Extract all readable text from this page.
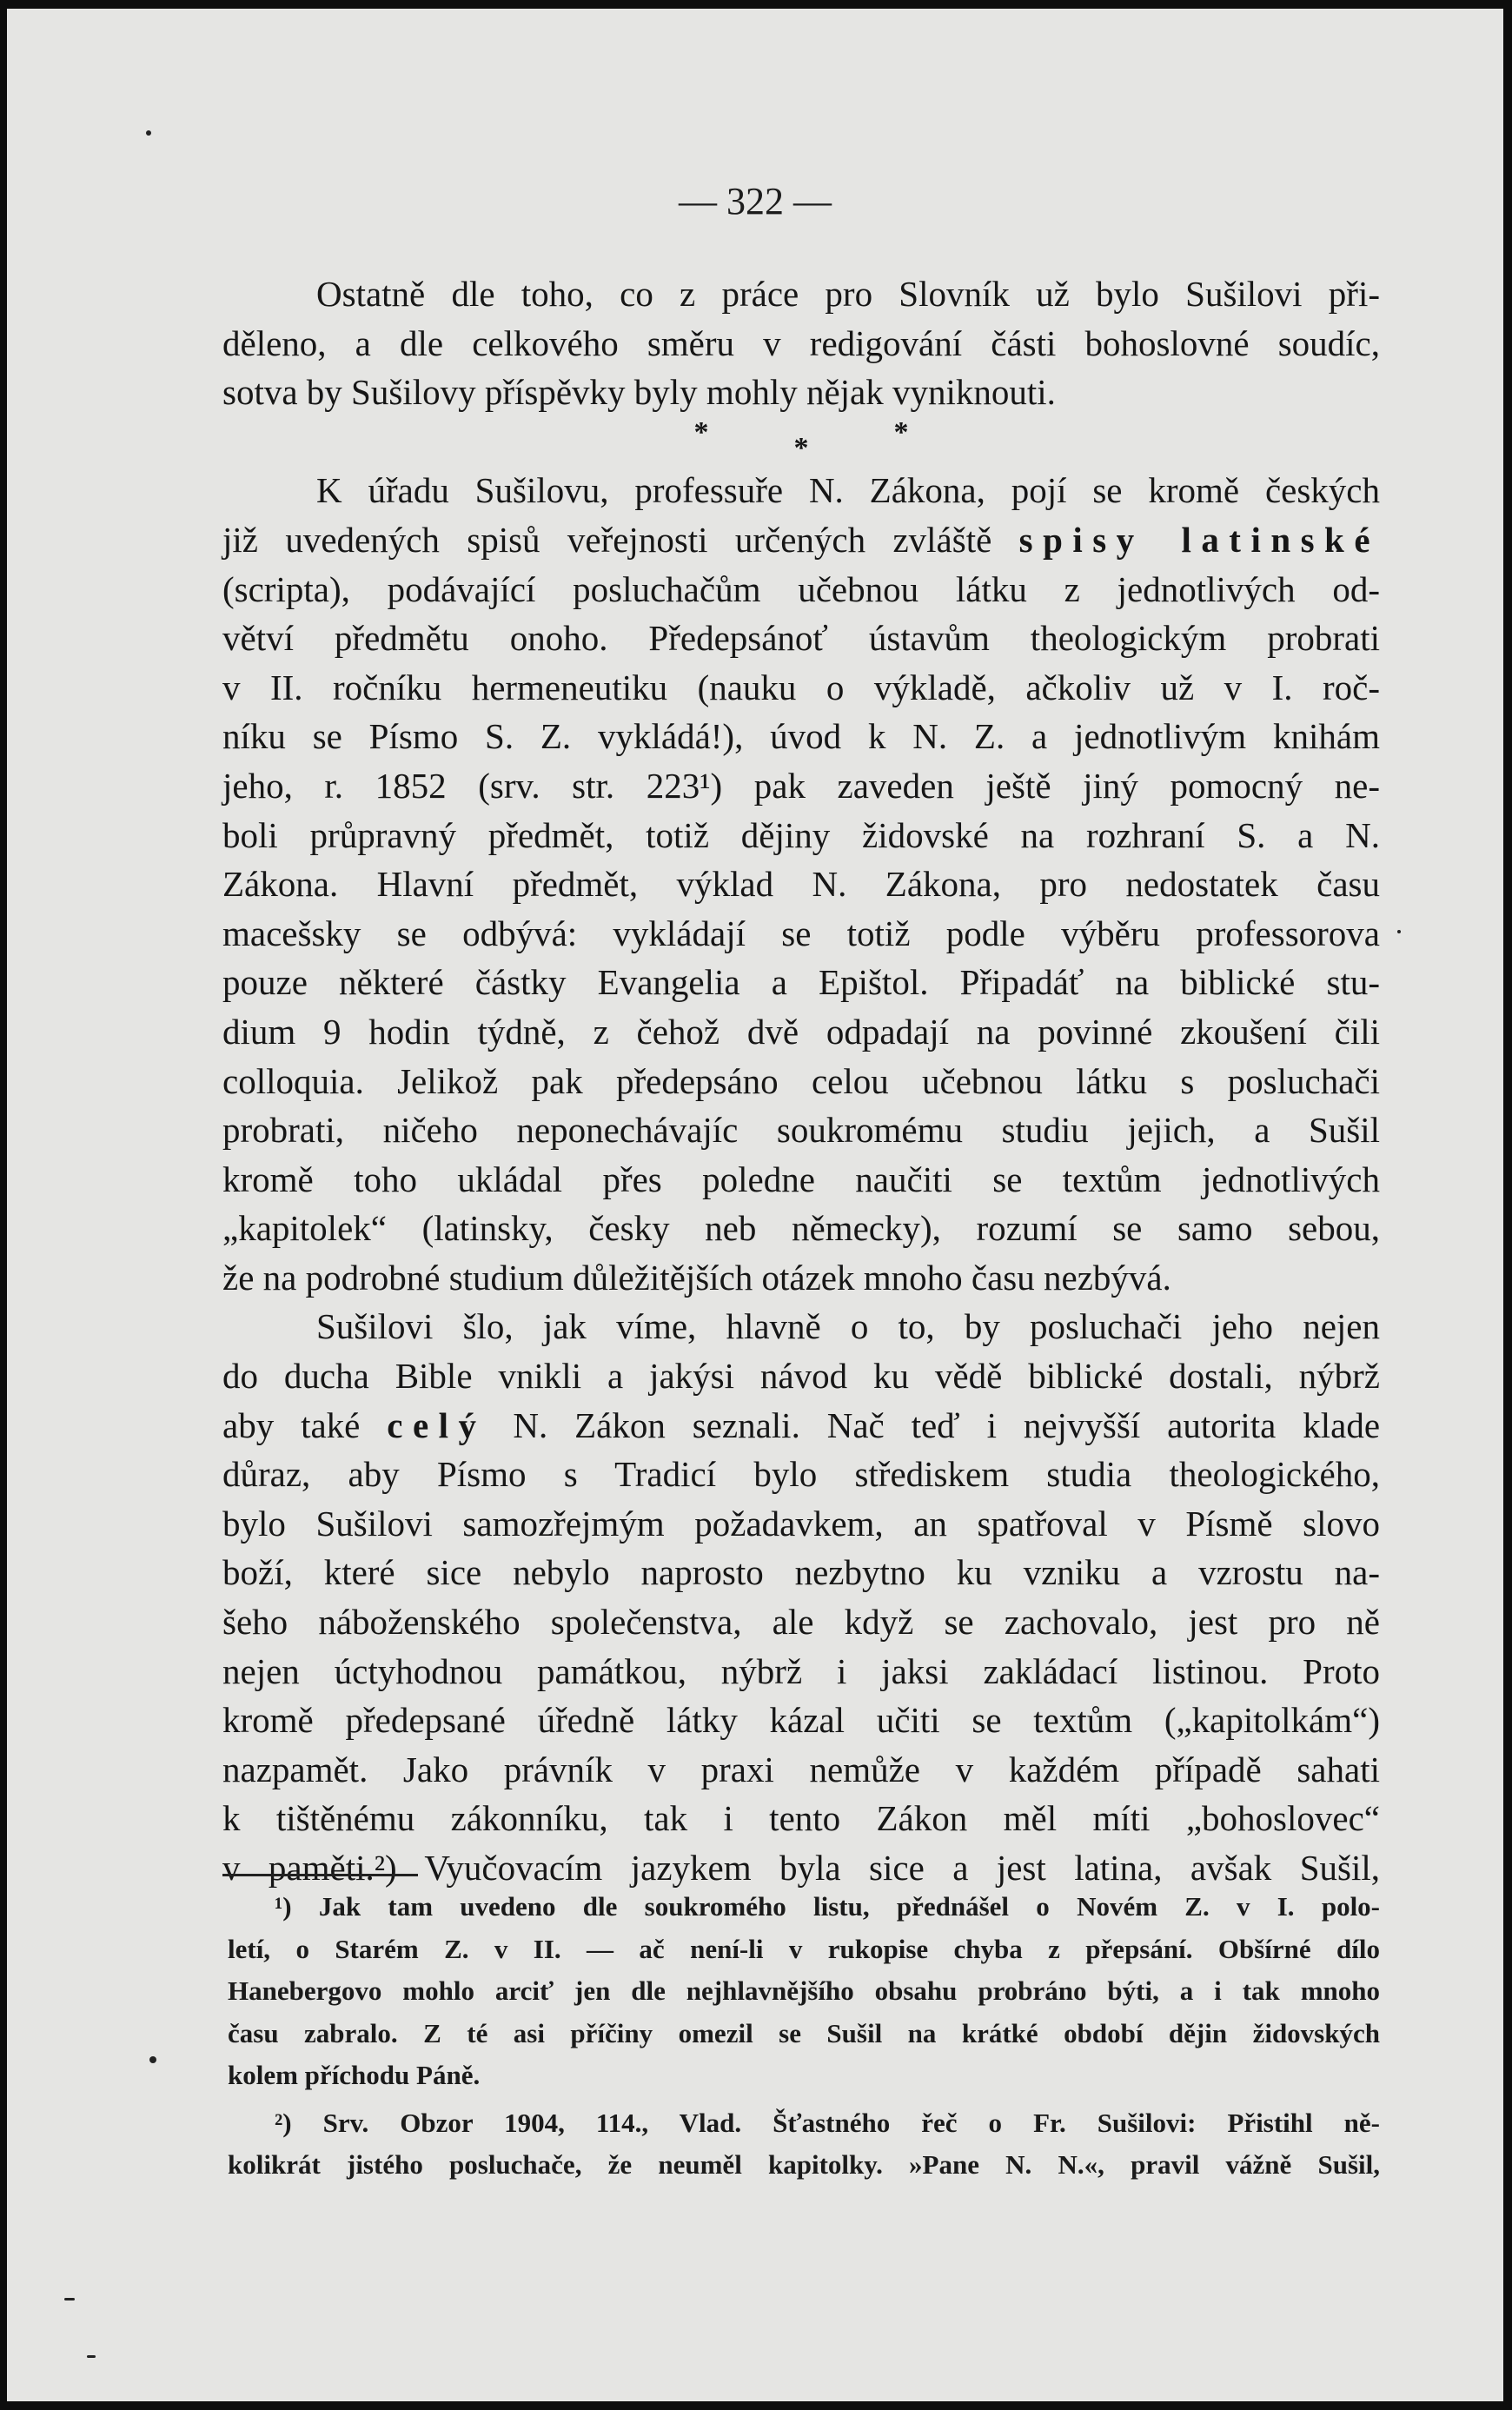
— 322 —
Ostatně dle toho, co z práce pro Slovník už bylo Sušilovi při-
děleno, a dle celkového směru v redigování části bohoslovné soudíc,
sotva by Sušilovy příspěvky byly mohly nějak vyniknouti.
*	*	*
K úřadu Sušilovu, professuře N. Zákona, pojí se kromě českých
již uvedených spisů veřejnosti určených zvláště spisy latinské
(scripta), podávající posluchačům učebnou látku z jednotlivých od-
větví předmětu onoho. Předepsánoť ústavům theologickým probrati
v II. ročníku hermeneutiku (nauku o výkladě, ačkoliv už v I. roč-
níku se Písmo S. Z. vykládá!), úvod k N. Z. a jednotlivým knihám
jeho, r. 1852 (srv. str. 223¹) pak zaveden ještě jiný pomocný ne-
boli průpravný předmět, totiž dějiny židovské na rozhraní S. a N.
Zákona. Hlavní předmět, výklad N. Zákona, pro nedostatek času
macešsky se odbývá: vykládají se totiž podle výběru professorova
pouze některé částky Evangelia a Epištol. Připadáť na biblické stu-
dium 9 hodin týdně, z čehož dvě odpadají na povinné zkoušení čili
colloquia. Jelikož pak předepsáno celou učebnou látku s posluchači
probrati, ničeho neponechávajíc soukromému studiu jejich, a Sušil
kromě toho ukládal přes poledne naučiti se textům jednotlivých
„kapitolek“ (latinsky, česky neb německy), rozumí se samo sebou,
že na podrobné studium důležitějších otázek mnoho času nezbývá.
Sušilovi šlo, jak víme, hlavně o to, by posluchači jeho nejen
do ducha Bible vnikli a jakýsi návod ku vědě biblické dostali, nýbrž
aby také celý N. Zákon seznali. Nač teď i nejvyšší autorita klade
důraz, aby Písmo s Tradicí bylo střediskem studia theologického,
bylo Sušilovi samozřejmým požadavkem, an spatřoval v Písmě slovo
boží, které sice nebylo naprosto nezbytno ku vzniku a vzrostu na-
šeho náboženského společenstva, ale když se zachovalo, jest pro ně
nejen úctyhodnou památkou, nýbrž i jaksi zakládací listinou. Proto
kromě předepsané úředně látky kázal učiti se textům („kapitolkám“)
nazpamět. Jako právník v praxi nemůže v každém případě sahati
k tištěnému zákonníku, tak i tento Zákon měl míti „bohoslovec“
v paměti.²) Vyučovacím jazykem byla sice a jest latina, avšak Sušil,
¹) Jak tam uvedeno dle soukromého listu, přednášel o Novém Z. v I. polo-
letí, o Starém Z. v II. — ač není-li v rukopise chyba z přepsání. Obšírné dílo
Hanebergovo mohlo arciť jen dle nejhlavnějšího obsahu probráno býti, a i tak mnoho
času zabralo. Z té asi příčiny omezil se Sušil na krátké období dějin židovských
kolem příchodu Páně.
²) Srv. Obzor 1904, 114., Vlad. Šťastného řeč o Fr. Sušilovi: Přistihl ně-
kolikrát jistého posluchače, že neuměl kapitolky. »Pane N. N.«, pravil vážně Sušil,
